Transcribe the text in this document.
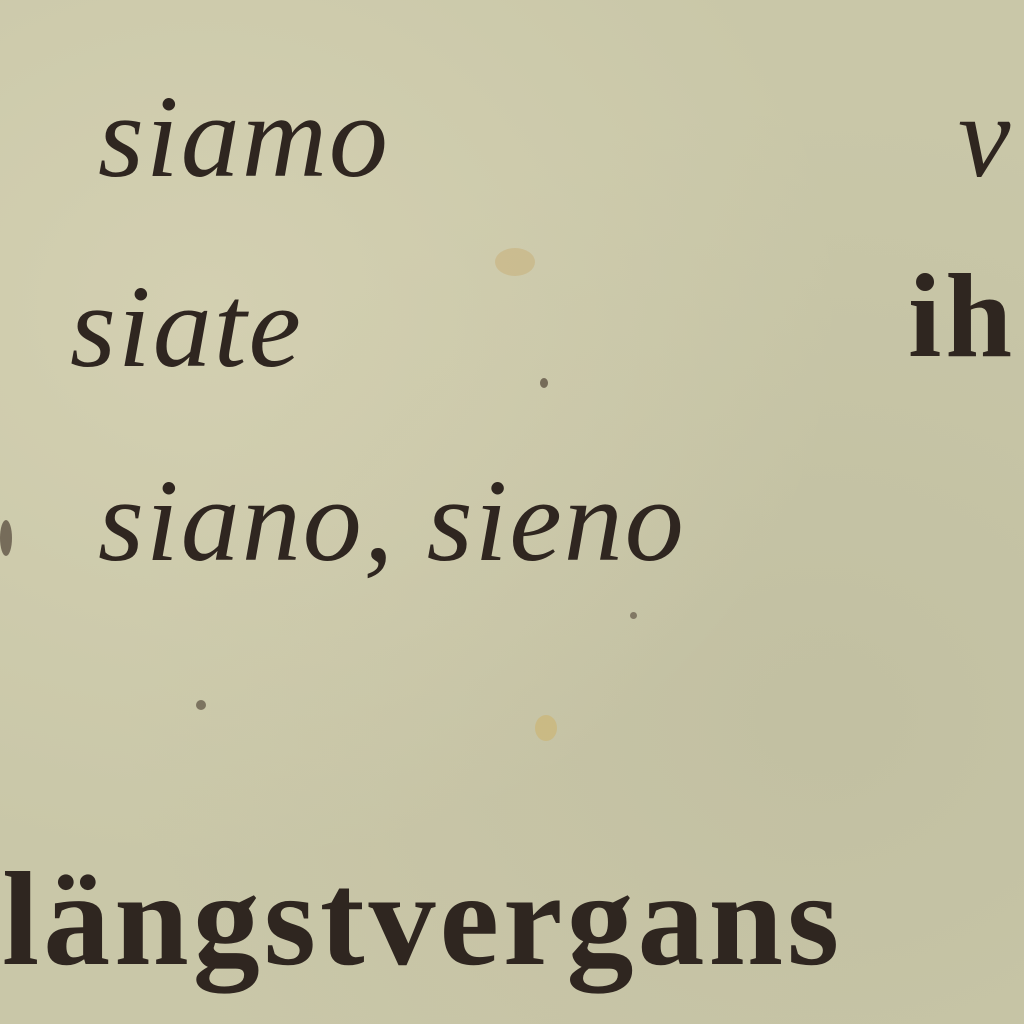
siamo	v
siate	ih
siano, sieno
längstvergans
